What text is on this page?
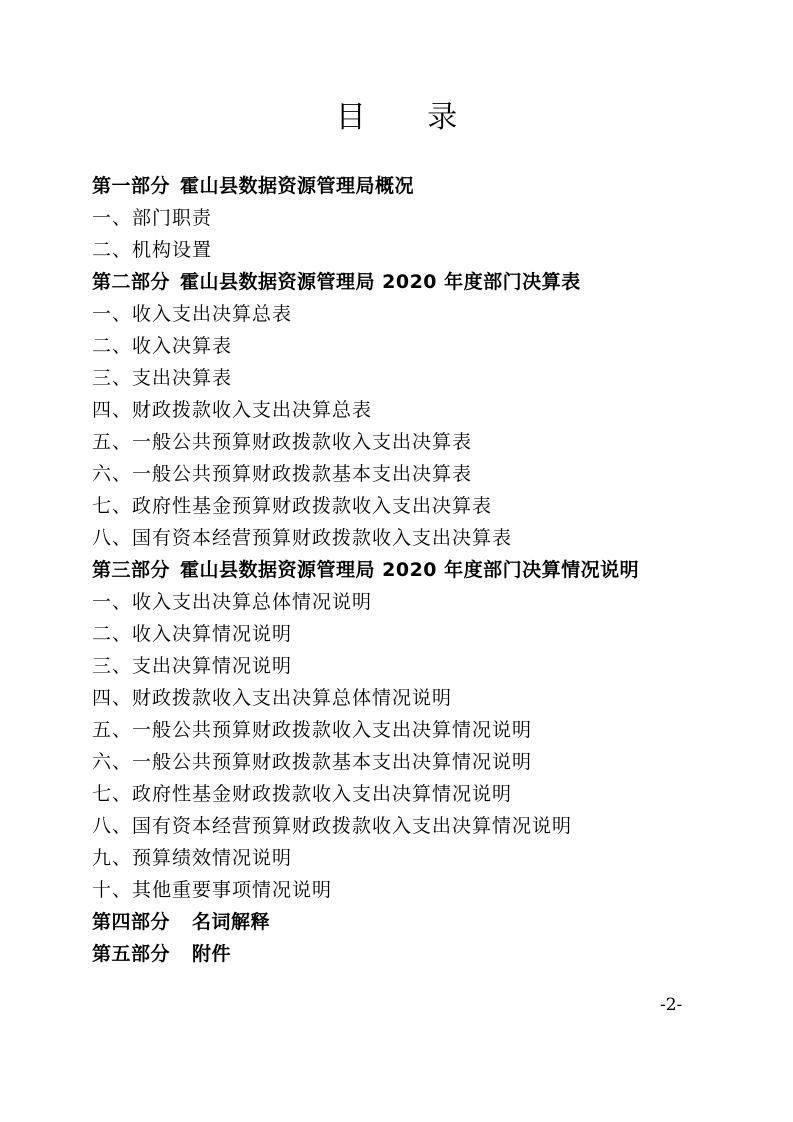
目 录
第一部分 霍山县数据资源管理局概况
一、部门职责
二、机构设置
第二部分 霍山县数据资源管理局 2020 年度部门决算表
一、收入支出决算总表
二、收入决算表
三、支出决算表
四、财政拨款收入支出决算总表
五、一般公共预算财政拨款收入支出决算表
六、一般公共预算财政拨款基本支出决算表
七、政府性基金预算财政拨款收入支出决算表
八、国有资本经营预算财政拨款收入支出决算表
第三部分 霍山县数据资源管理局 2020 年度部门决算情况说明
一、收入支出决算总体情况说明
二、收入决算情况说明
三、支出决算情况说明
四、财政拨款收入支出决算总体情况说明
五、一般公共预算财政拨款收入支出决算情况说明
六、一般公共预算财政拨款基本支出决算情况说明
七、政府性基金财政拨款收入支出决算情况说明
八、国有资本经营预算财政拨款收入支出决算情况说明
九、预算绩效情况说明
十、其他重要事项情况说明
第四部分 名词解释
第五部分 附件
-2-
